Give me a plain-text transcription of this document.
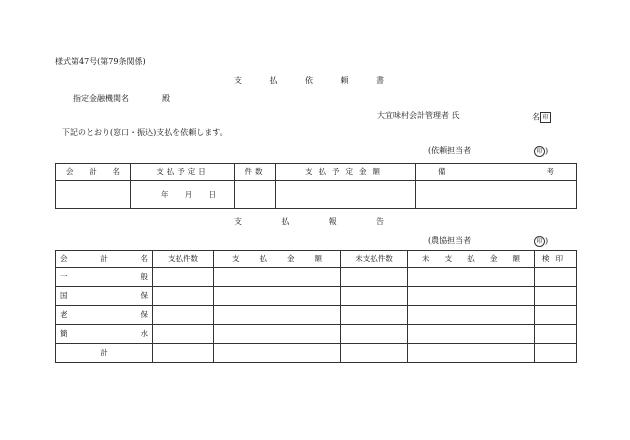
様式第47号(第79条関係)
支	払	依	頼	書
指定金融機関名	殿
大宜味村会計管理者 氏	名 印
下記のとおり(窓口・振込)支払を依頼します。
(依頼担当者	印 )
会 計 名	支払予定日	件数	支払予定金額	備 考

	年 月 日			

支	払	報	告
(農協担当者	印 )
会 計 名	支払件数	支 払 金 額	未支払件数	未 支 払 金 額	検印

一 般					

国 保					

老 保					

簡 水					

計					
